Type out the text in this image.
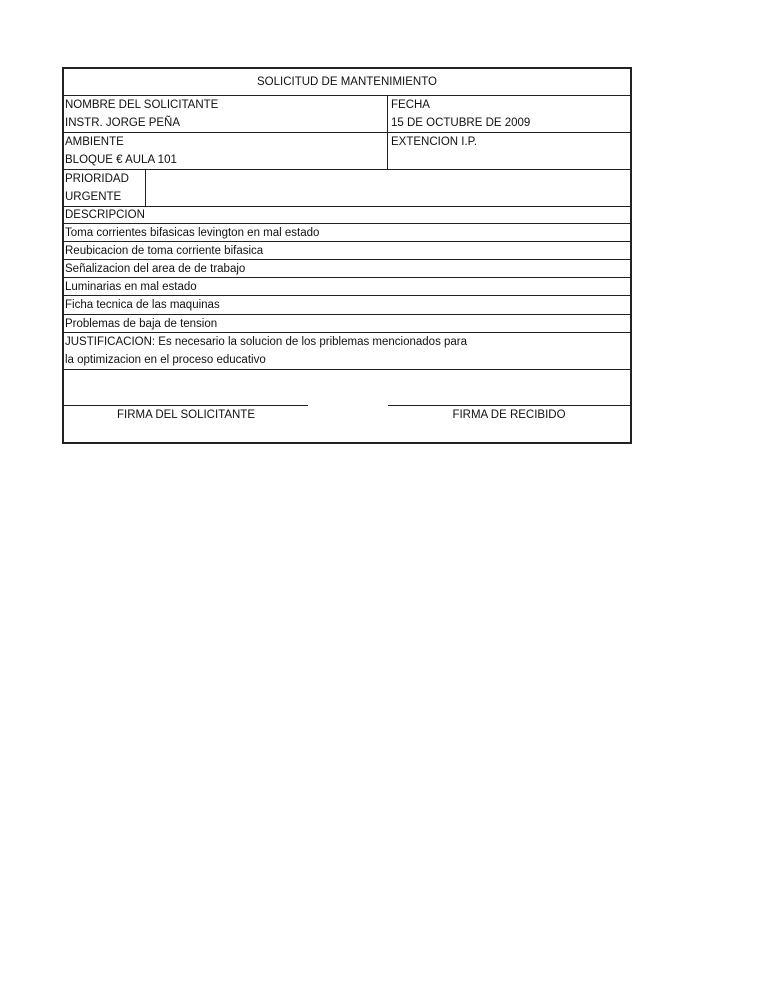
SOLICITUD DE MANTENIMIENTO
NOMBRE DEL SOLICITANTE
INSTR. JORGE PEÑA
FECHA
15 DE OCTUBRE DE 2009
AMBIENTE
BLOQUE € AULA 101
EXTENCION I.P.
PRIORIDAD
URGENTE
DESCRIPCION
Toma corrientes bifasicas levington en mal estado
Reubicacion de toma corriente bifasica
Señalizacion del area de de trabajo
Luminarias en mal estado
Ficha tecnica de las maquinas
Problemas de baja de tension
JUSTIFICACION: Es necesario la solucion de los priblemas mencionados para
la optimizacion en el proceso educativo
FIRMA DEL SOLICITANTE	FIRMA DE RECIBIDO
